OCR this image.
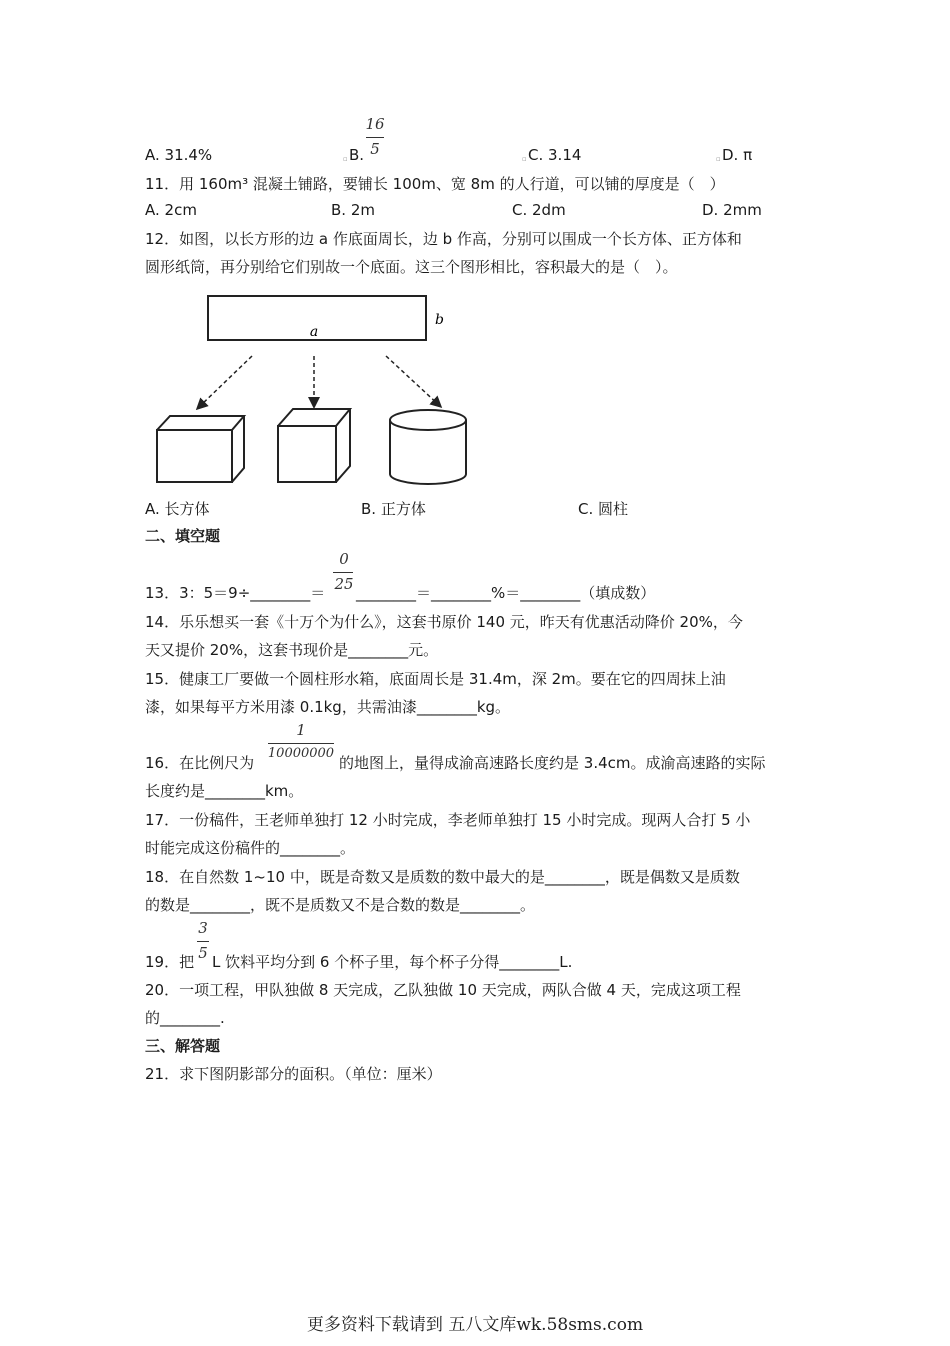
A. 31.4%	▫ B.
16
5
▫ C. 3.14	▫ D. π
11．用 160m³ 混凝土铺路，要铺长 100m、宽 8m 的人行道，可以铺的厚度是（　）
A. 2cm	B. 2m	C. 2dm	D. 2mm
12．如图，以长方形的边 a 作底面周长，边 b 作高，分别可以围成一个长方体、正方体和
圆形纸筒，再分别给它们别故一个底面。这三个图形相比，容积最大的是（　）。
a
b
A. 长方体	B. 正方体	C. 圆柱
二、填空题
13．3：5＝9÷________＝
0
25 ________＝________%＝________（填成数）
14．乐乐想买一套《十万个为什么》，这套书原价 140 元，昨天有优惠活动降价 20%，今
天又提价 20%，这套书现价是________元。
15．健康工厂要做一个圆柱形水箱，底面周长是 31.4m，深 2m。要在它的四周抹上油
漆，如果每平方米用漆 0.1kg，共需油漆________kg。
16．在比例尺为
1
10000000
的地图上，量得成渝高速路长度约是 3.4cm。成渝高速路的实际
长度约是________km。
17．一份稿件，王老师单独打 12 小时完成，李老师单独打 15 小时完成。现两人合打 5 小
时能完成这份稿件的________。
18．在自然数 1~10 中，既是奇数又是质数的数中最大的是________，既是偶数又是质数
的数是________，既不是质数又不是合数的数是________。
19．把
3
5 L 饮料平均分到 6 个杯子里，每个杯子分得________L.
20．一项工程，甲队独做 8 天完成，乙队独做 10 天完成，两队合做 4 天，完成这项工程
的________.
三、解答题
21．求下图阴影部分的面积。（单位：厘米）
更多资料下载请到 五八文库wk.58sms.com
